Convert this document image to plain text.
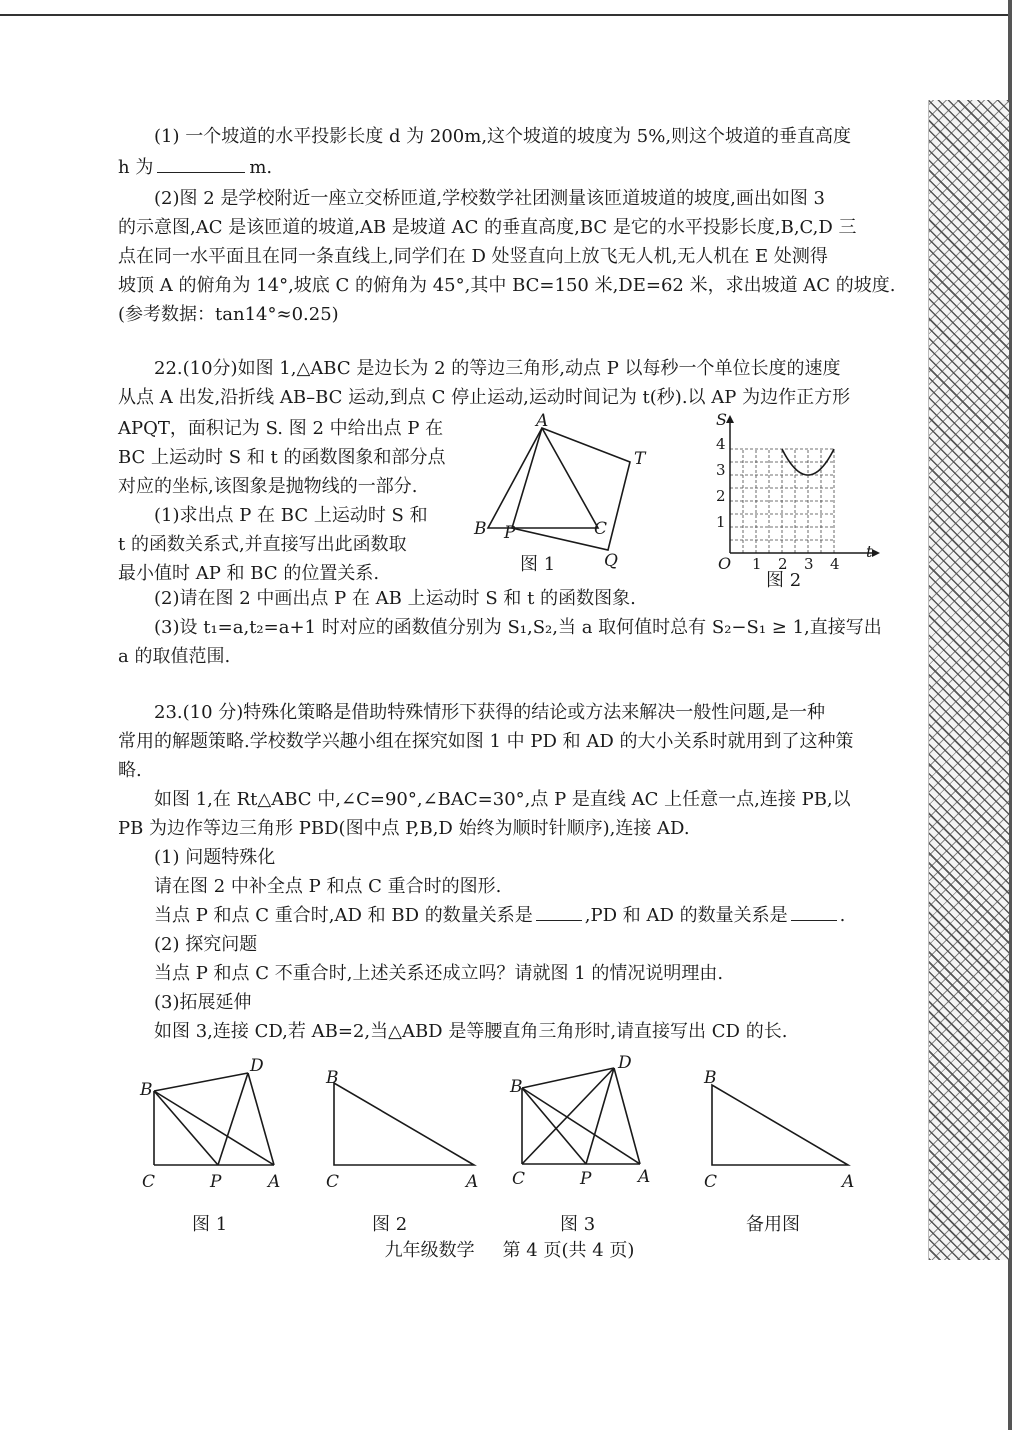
(1) 一个坡道的水平投影长度 d 为 200m,这个坡道的坡度为 5%,则这个坡道的垂直高度
h 为	m.
(2)图 2 是学校附近一座立交桥匝道,学校数学社团测量该匝道坡道的坡度,画出如图 3
的示意图,AC 是该匝道的坡道,AB 是坡道 AC 的垂直高度,BC 是它的水平投影长度,B,C,D 三
点在同一水平面且在同一条直线上,同学们在 D 处竖直向上放飞无人机,无人机在 E 处测得
坡顶 A 的俯角为 14°,坡底 C 的俯角为 45°,其中 BC=150 米,DE=62 米，求出坡道 AC 的坡度.
(参考数据：tan14°≈0.25)
22.(10分)如图 1,△ABC 是边长为 2 的等边三角形,动点 P 以每秒一个单位长度的速度
从点 A 出发,沿折线 AB–BC 运动,到点 C 停止运动,运动时间记为 t(秒).以 AP 为边作正方形
APQT，面积记为 S. 图 2 中给出点 P 在
BC 上运动时 S 和 t 的函数图象和部分点
对应的坐标,该图象是抛物线的一部分.
(1)求出点 P 在 BC 上运动时 S 和
t 的函数关系式,并直接写出此函数取
最小值时 AP 和 BC 的位置关系.
A
B	C
P
Q
T
图 1
S
t
O
1
2
3
4
1 2 3 4
图 2
(2)请在图 2 中画出点 P 在 AB 上运动时 S 和 t 的函数图象.
(3)设 t₁=a,t₂=a+1 时对应的函数值分别为 S₁,S₂,当 a 取何值时总有 S₂−S₁ ≥ 1,直接写出
a 的取值范围.
23.(10 分)特殊化策略是借助特殊情形下获得的结论或方法来解决一般性问题,是一种
常用的解题策略.学校数学兴趣小组在探究如图 1 中 PD 和 AD 的大小关系时就用到了这种策
略.
如图 1,在 Rt△ABC 中,∠C=90°,∠BAC=30°,点 P 是直线 AC 上任意一点,连接 PB,以
PB 为边作等边三角形 PBD(图中点 P,B,D 始终为顺时针顺序),连接 AD.
(1) 问题特殊化
请在图 2 中补全点 P 和点 C 重合时的图形.
当点 P 和点 C 重合时,AD 和 BD 的数量关系是	,PD 和 AD 的数量关系是	.
(2) 探究问题
当点 P 和点 C 不重合时,上述关系还成立吗？请就图 1 的情况说明理由.
(3)拓展延伸
如图 3,连接 CD,若 AB=2,当△ABD 是等腰直角三角形时,请直接写出 CD 的长.
B
D
C	P	A
B
C	A
B
D
C	P	A
B
C	A
图 1	图 2	图 3	备用图
九年级数学 第 4 页(共 4 页)
